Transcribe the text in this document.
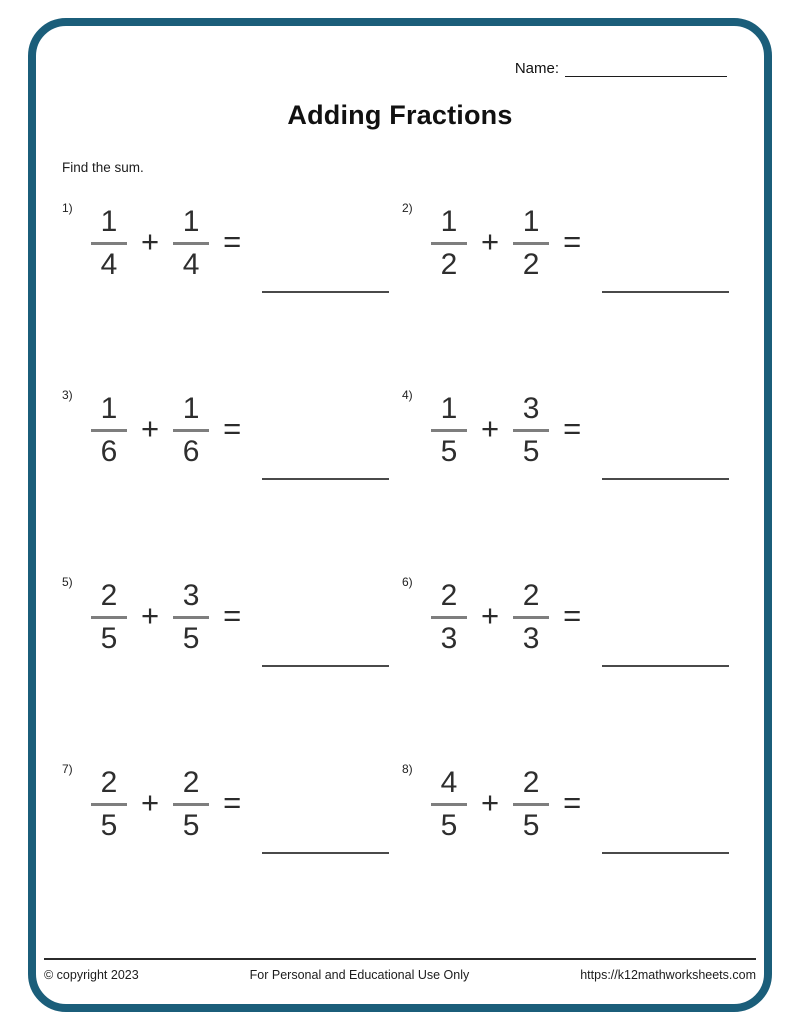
Name:
Adding Fractions
Find the sum.
$1) \frac{1}{4} + \frac{1}{4}$ =
$2) \frac{1}{2} + \frac{1}{2}$ =
$3) \frac{1}{6} + \frac{1}{6}$ =
$4) \frac{1}{5} + \frac{3}{5}$ =
$5) \frac{2}{5} + \frac{3}{5}$ =
$6) \frac{2}{3} + \frac{2}{3}$ =
$7) \frac{2}{5} + \frac{2}{5}$ =
$8) \frac{4}{5} + \frac{2}{5}$ =
© copyright 2023	For Personal and Educational Use Only	https://k12mathworksheets.com
